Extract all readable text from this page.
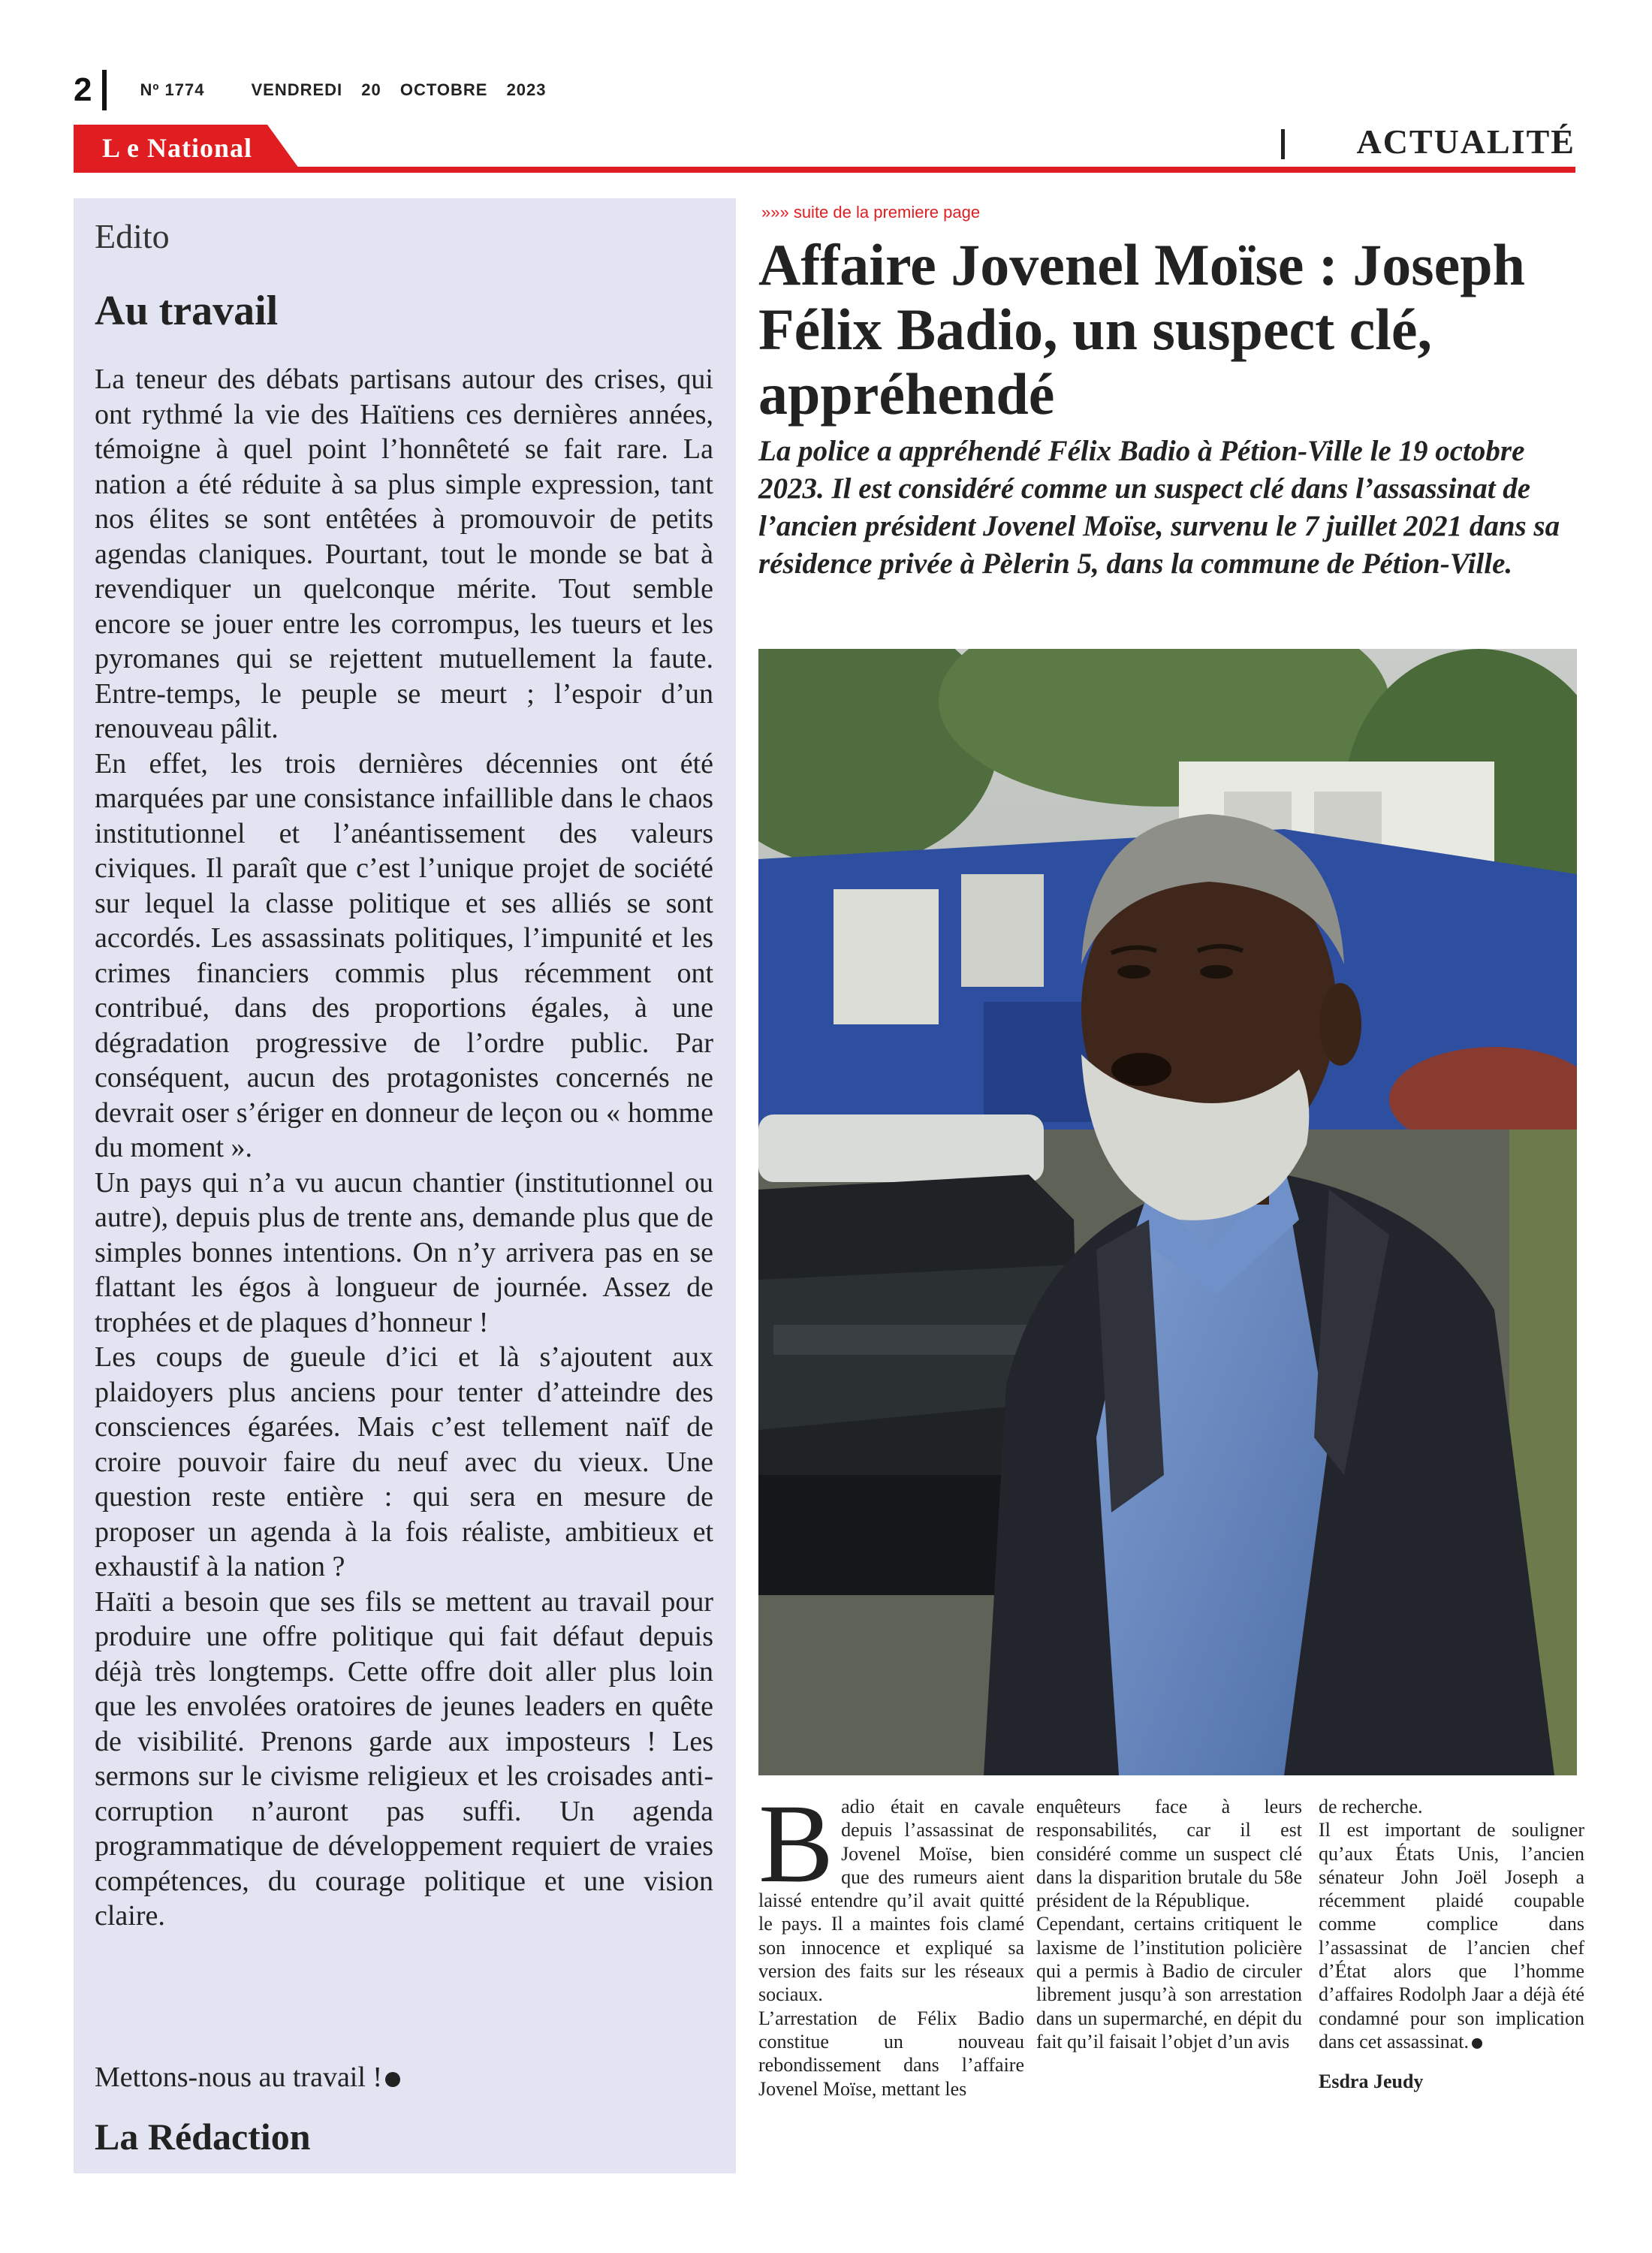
2	Nº 1774	VENDREDI 20 OCTOBRE 2023
L e National	ACTUALITÉ
Edito
Au travail

La teneur des débats partisans autour des crises, qui ont rythmé la vie des Haïtiens ces dernières années, témoigne à quel point l’honnêteté se fait rare. La nation a été réduite à sa plus simple expression, tant nos élites se sont entêtées à promouvoir de petits agendas claniques. Pourtant, tout le monde se bat à revendiquer un quelconque mérite. Tout semble encore se jouer entre les corrompus, les tueurs et les pyromanes qui se rejettent mutuellement la faute. Entre-temps, le peuple se meurt ; l’espoir d’un renouveau pâlit.

En effet, les trois dernières décennies ont été marquées par une consistance infaillible dans le chaos institutionnel et l’anéantissement des valeurs civiques. Il paraît que c’est l’unique projet de société sur lequel la classe politique et ses alliés se sont accordés. Les assassinats politiques, l’impunité et les crimes financiers commis plus récemment ont contribué, dans des proportions égales, à une dégradation progressive de l’ordre public. Par conséquent, aucun des protagonistes concernés ne devrait oser s’ériger en donneur de leçon ou « homme du moment ».

Un pays qui n’a vu aucun chantier (institutionnel ou autre), depuis plus de trente ans, demande plus que de simples bonnes intentions. On n’y arrivera pas en se flattant les égos à longueur de journée. Assez de trophées et de plaques d’honneur !

Les coups de gueule d’ici et là s’ajoutent aux plaidoyers plus anciens pour tenter d’atteindre des consciences égarées. Mais c’est tellement naïf de croire pouvoir faire du neuf avec du vieux. Une question reste entière : qui sera en mesure de proposer un agenda à la fois réaliste, ambitieux et exhaustif à la nation ?

Haïti a besoin que ses fils se mettent au travail pour produire une offre politique qui fait défaut depuis déjà très longtemps. Cette offre doit aller plus loin que les envolées oratoires de jeunes leaders en quête de visibilité. Prenons garde aux imposteurs ! Les sermons sur le civisme religieux et les croisades anti-corruption n’auront pas suffi. Un agenda programmatique de développement requiert de vraies compétences, du courage politique et une vision claire.

Mettons-nous au travail !
La Rédaction
»»» suite de la premiere page
Affaire Jovenel Moïse : Joseph Félix Badio, un suspect clé, appréhendé

La police a appréhendé Félix Badio à Pétion-Ville le 19 octobre 2023. Il est considéré comme un suspect clé dans l’assassinat de l’ancien président Jovenel Moïse, survenu le 7 juillet 2021 dans sa résidence privée à Pèlerin 5, dans la commune de Pétion-Ville.

B adio était en cavale depuis l’assassinat de Jovenel Moïse, bien que des rumeurs aient laissé entendre qu’il avait quitté le pays. Il a maintes fois clamé son innocence et expliqué sa version des faits sur les réseaux sociaux.

L’arrestation de Félix Badio constitue un nouveau rebondissement dans l’affaire Jovenel Moïse, mettant les

enquêteurs face à leurs responsabilités, car il est considéré comme un suspect clé dans la disparition brutale du 58e président de la République.

Cependant, certains critiquent le laxisme de l’institution policière qui a permis à Badio de circuler librement jusqu’à son arrestation dans un supermarché, en dépit du fait qu’il faisait l’objet d’un avis

de recherche.

Il est important de souligner qu’aux États Unis, l’ancien sénateur John Joël Joseph a récemment plaidé coupable comme complice dans l’assassinat de l’ancien chef d’État alors que l’homme d’affaires Rodolph Jaar a déjà été condamné pour son implication dans cet assassinat.

Esdra Jeudy
